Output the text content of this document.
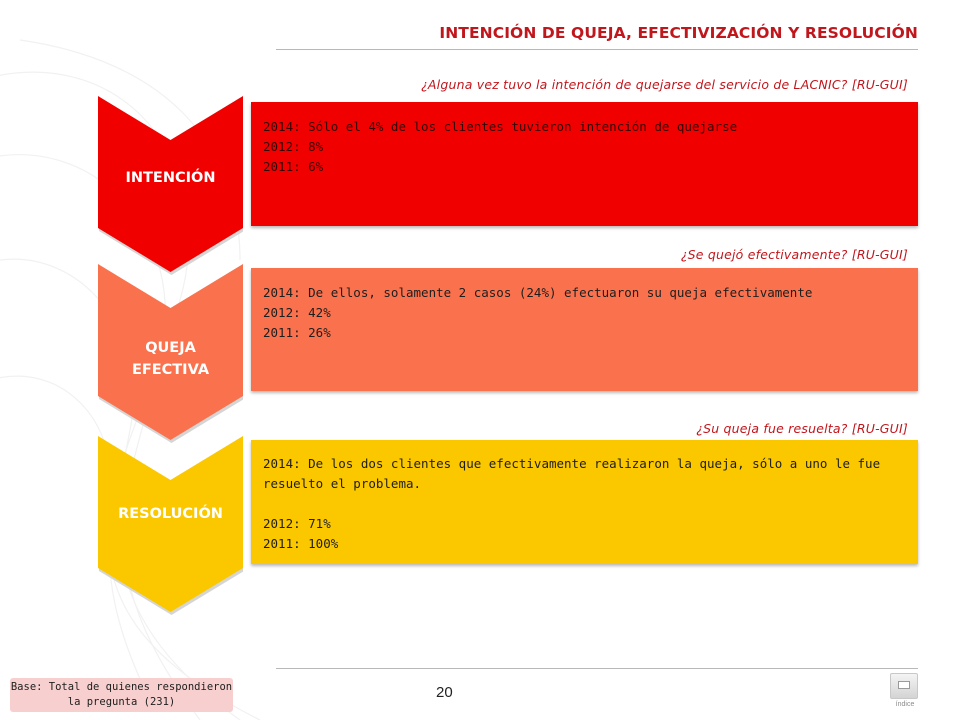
INTENCIÓN DE QUEJA, EFECTIVIZACIÓN Y RESOLUCIÓN
¿Alguna vez tuvo la intención de quejarse del servicio de LACNIC? [RU-GUI]
INTENCIÓN
2014: Sólo el 4% de los clientes tuvieron intención de quejarse
2012: 8%
2011: 6%
¿Se quejó efectivamente? [RU-GUI]
QUEJA
EFECTIVA
2014: De ellos, solamente 2 casos (24%) efectuaron su queja efectivamente
2012: 42%
2011: 26%
¿Su queja fue resuelta? [RU-GUI]
RESOLUCIÓN
2014: De los dos clientes que efectivamente realizaron la queja, sólo a uno le fue resuelto el problema.

2012: 71%
2011: 100%
20
Base: Total de quienes respondieron la pregunta (231)	índice
